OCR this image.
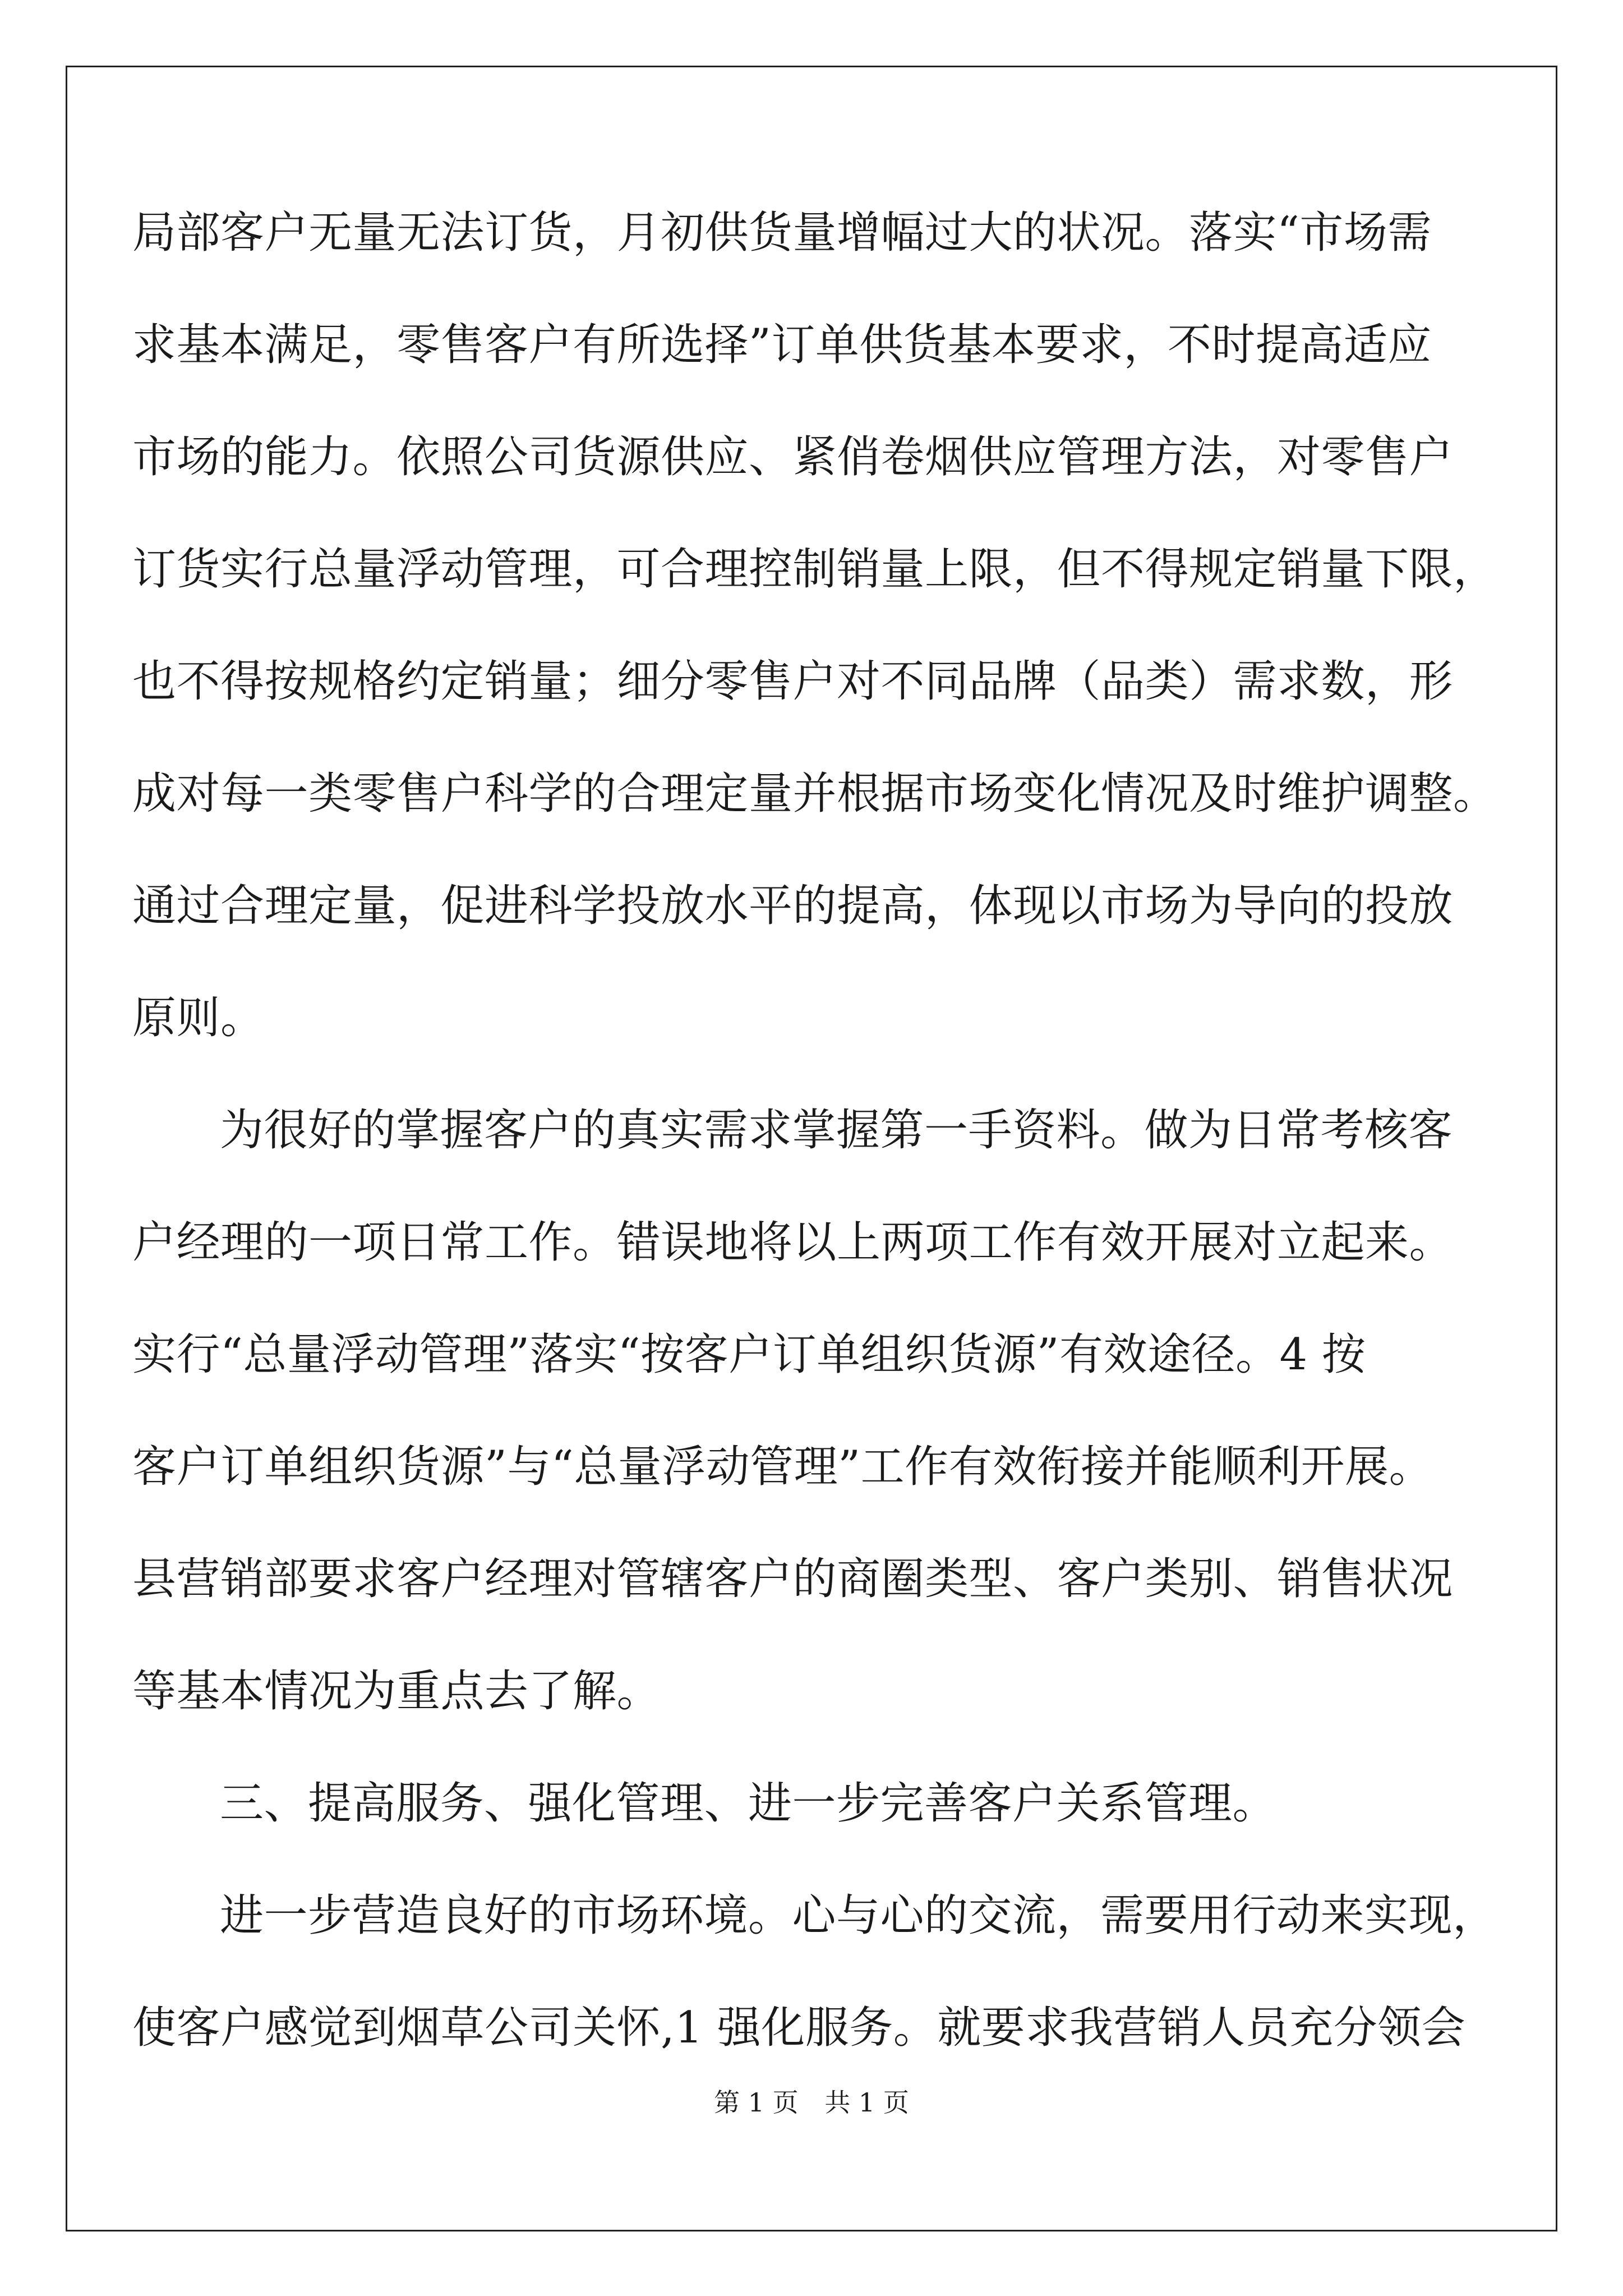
局部客户无量无法订货，月初供货量增幅过大的状况。落实“市场需
求基本满足，零售客户有所选择”订单供货基本要求，不时提高适应
市场的能力。依照公司货源供应、紧俏卷烟供应管理方法，对零售户
订货实行总量浮动管理，可合理控制销量上限，但不得规定销量下限，
也不得按规格约定销量；细分零售户对不同品牌（品类）需求数，形
成对每一类零售户科学的合理定量并根据市场变化情况及时维护调整。
通过合理定量，促进科学投放水平的提高，体现以市场为导向的投放
原则。
为很好的掌握客户的真实需求掌握第一手资料。做为日常考核客
户经理的一项日常工作。错误地将以上两项工作有效开展对立起来。
实行“总量浮动管理”落实“按客户订单组织货源”有效途径。4 按
客户订单组织货源”与“总量浮动管理”工作有效衔接并能顺利开展。
县营销部要求客户经理对管辖客户的商圈类型、客户类别、销售状况
等基本情况为重点去了解。
三、提高服务、强化管理、进一步完善客户关系管理。
进一步营造良好的市场环境。心与心的交流，需要用行动来实现，
使客户感觉到烟草公司关怀,1 强化服务。就要求我营销人员充分领会
第 1 页 共 1 页
